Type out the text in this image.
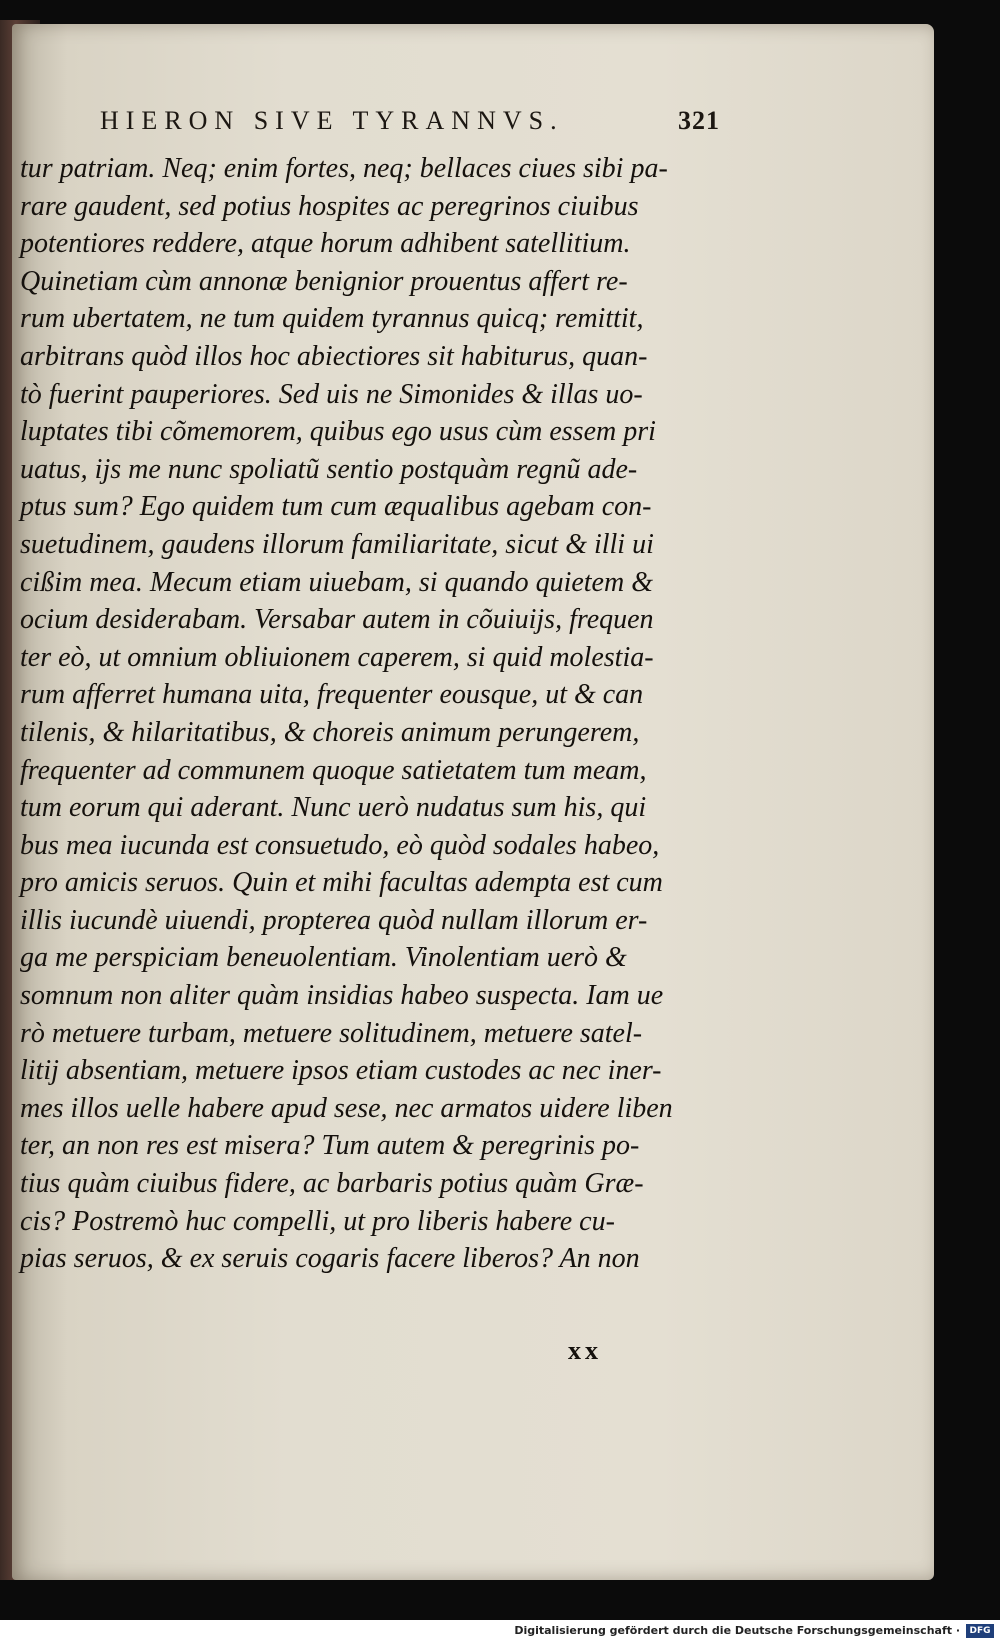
HIERON SIVE TYRANNVS.	321
tur patriam. Neq; enim fortes, neq; bellaces ciues sibi pa-
rare gaudent, sed potius hospites ac peregrinos ciuibus
potentiores reddere, atque horum adhibent satellitium.
Quinetiam cùm annonæ benignior prouentus affert re-
rum ubertatem, ne tum quidem tyrannus quicq; remittit,
arbitrans quòd illos hoc abiectiores sit habiturus, quan-
tò fuerint pauperiores. Sed uis ne Simonides & illas uo-
luptates tibi cõmemorem, quibus ego usus cùm essem pri
uatus, ijs me nunc spoliatũ sentio postquàm regnũ ade-
ptus sum? Ego quidem tum cum æqualibus agebam con-
suetudinem, gaudens illorum familiaritate, sicut & illi ui
cißim mea. Mecum etiam uiuebam, si quando quietem &
ocium desiderabam. Versabar autem in cõuiuijs, frequen
ter eò, ut omnium obliuionem caperem, si quid molestia-
rum afferret humana uita, frequenter eousque, ut & can
tilenis, & hilaritatibus, & choreis animum perungerem,
frequenter ad communem quoque satietatem tum meam,
tum eorum qui aderant. Nunc uerò nudatus sum his, qui
bus mea iucunda est consuetudo, eò quòd sodales habeo,
pro amicis seruos. Quin et mihi facultas adempta est cum
illis iucundè uiuendi, propterea quòd nullam illorum er-
ga me perspiciam beneuolentiam. Vinolentiam uerò &
somnum non aliter quàm insidias habeo suspecta. Iam ue
rò metuere turbam, metuere solitudinem, metuere satel-
litij absentiam, metuere ipsos etiam custodes ac nec iner-
mes illos uelle habere apud sese, nec armatos uidere liben
ter, an non res est misera? Tum autem & peregrinis po-
tius quàm ciuibus fidere, ac barbaris potius quàm Græ-
cis? Postremò huc compelli, ut pro liberis habere cu-
pias seruos, & ex seruis cogaris facere liberos? An non
xx
Digitalisierung gefördert durch die Deutsche Forschungsgemeinschaft ·	DFG
